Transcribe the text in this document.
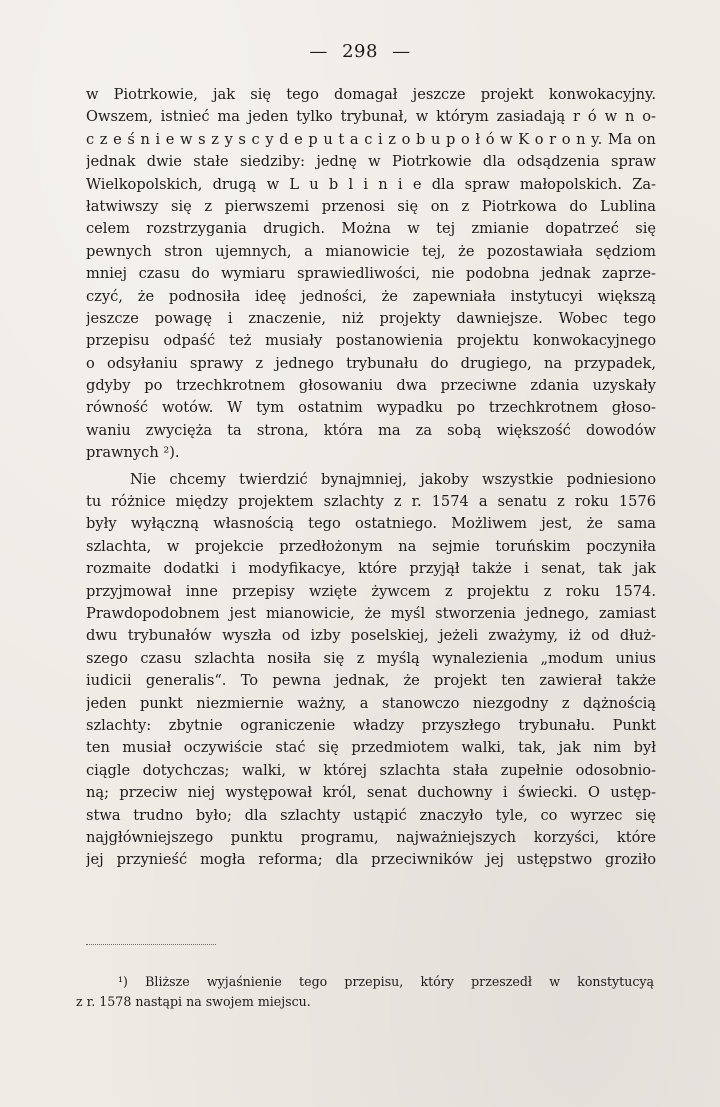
— 298 —
w Piotrkowie, jak się tego domagał jeszcze projekt konwokacyjny.
Owszem, istnieć ma jeden tylko trybunał, w którym zasiadają r ó w n o-
c z e ś n i e w s z y s c y d e p u t a c i z o b u p o ł ó w K o r o n y. Ma on
jednak dwie stałe siedziby: jednę w Piotrkowie dla odsądzenia spraw
Wielkopolskich, drugą w L u b l i n i e dla spraw małopolskich. Za-
łatwiwszy się z pierwszemi przenosi się on z Piotrkowa do Lublina
celem rozstrzygania drugich. Można w tej zmianie dopatrzeć się
pewnych stron ujemnych, a mianowicie tej, że pozostawiała sędziom
mniej czasu do wymiaru sprawiedliwości, nie podobna jednak zaprze-
czyć, że podnosiła ideę jedności, że zapewniała instytucyi większą
jeszcze powagę i znaczenie, niż projekty dawniejsze. Wobec tego
przepisu odpaść też musiały postanowienia projektu konwokacyjnego
o odsyłaniu sprawy z jednego trybunału do drugiego, na przypadek,
gdyby po trzechkrotnem głosowaniu dwa przeciwne zdania uzyskały
równość wotów. W tym ostatnim wypadku po trzechkrotnem głoso-
waniu zwycięża ta strona, która ma za sobą większość dowodów
prawnych ²).
Nie chcemy twierdzić bynajmniej, jakoby wszystkie podniesiono
tu różnice między projektem szlachty z r. 1574 a senatu z roku 1576
były wyłączną własnością tego ostatniego. Możliwem jest, że sama
szlachta, w projekcie przedłożonym na sejmie toruńskim poczyniła
rozmaite dodatki i modyfikacye, które przyjął także i senat, tak jak
przyjmował inne przepisy wzięte żywcem z projektu z roku 1574.
Prawdopodobnem jest mianowicie, że myśl stworzenia jednego, zamiast
dwu trybunałów wyszła od izby poselskiej, jeżeli zważymy, iż od dłuż-
szego czasu szlachta nosiła się z myślą wynalezienia „modum unius
iudicii generalis“. To pewna jednak, że projekt ten zawierał także
jeden punkt niezmiernie ważny, a stanowczo niezgodny z dążnością
szlachty: zbytnie ograniczenie władzy przyszłego trybunału. Punkt
ten musiał oczywiście stać się przedmiotem walki, tak, jak nim był
ciągle dotychczas; walki, w której szlachta stała zupełnie odosobnio-
ną; przeciw niej występował król, senat duchowny i świecki. O ustęp-
stwa trudno było; dla szlachty ustąpić znaczyło tyle, co wyrzec się
najgłówniejszego punktu programu, najważniejszych korzyści, które
jej przynieść mogła reforma; dla przeciwników jej ustępstwo groziło
¹) Bliższe wyjaśnienie tego przepisu, który przeszedł w konstytucyą
z r. 1578 nastąpi na swojem miejscu.
